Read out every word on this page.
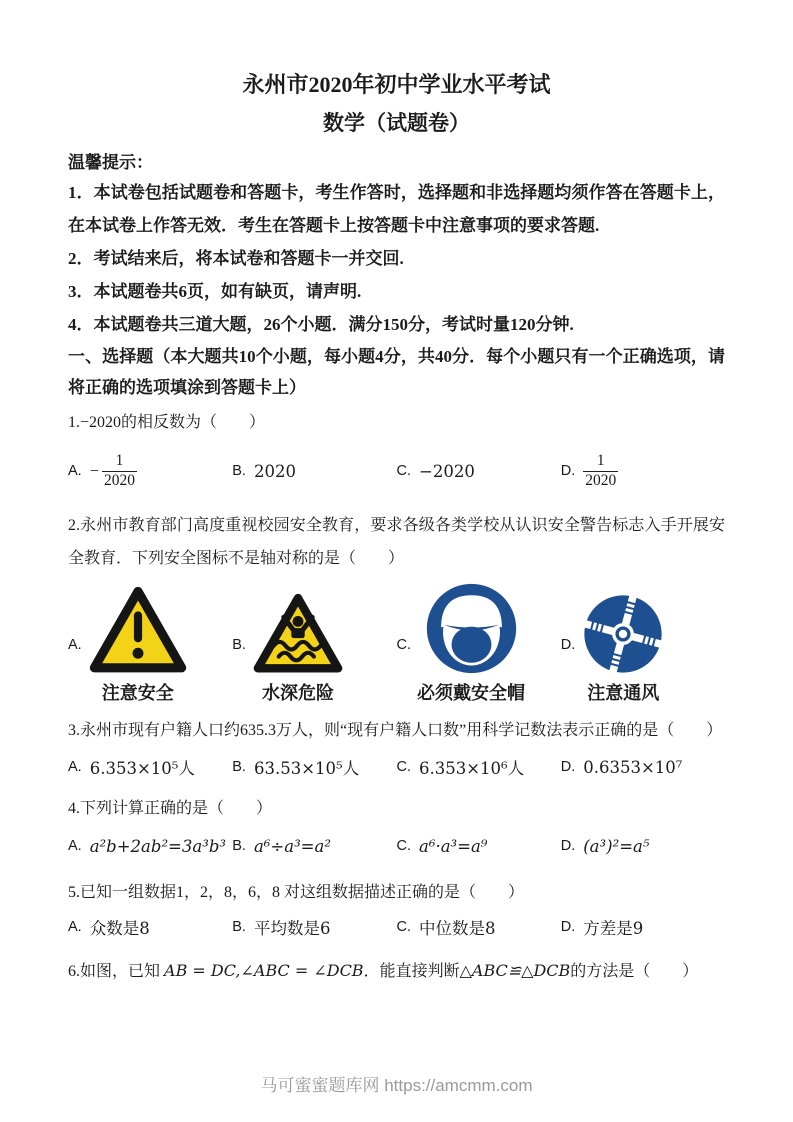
永州市2020年初中学业水平考试
数学（试题卷）

温馨提示：

1．本试卷包括试题卷和答题卡，考生作答时，选择题和非选择题均须作答在答题卡上，在本试卷上作答无效．考生在答题卡上按答题卡中注意事项的要求答题.

2．考试结来后，将本试卷和答题卡一并交回.

3．本试题卷共6页，如有缺页，请声明.

4．本试题卷共三道大题，26个小题．满分150分，考试时量120分钟.

一、选择题（本大题共10个小题，每小题4分，共40分．每个小题只有一个正确选项，请将正确的选项填涂到答题卡上）

1.−2020的相反数为（　　）

A. − $\frac{1}{2020}$	B. 2020	C. −2020	D. $\frac{1}{2020}$

2.永州市教育部门高度重视校园安全教育，要求各级各类学校从认识安全警告标志入手开展安全教育．下列安全图标不是轴对称的是（　　）

A.
注意安全
B.
水深危险
C.
必须戴安全帽
D.
注意通风

3.永州市现有户籍人口约635.3万人，则“现有户籍人口数”用科学记数法表示正确的是（　　）

A. 6.353×10⁵人	B. 63.53×10⁵人	C. 6.353×10⁶人	D. 0.6353×10⁷

4.下列计算正确的是（　　）

A. a²b+2ab²=3a³b³ B. a⁶÷a³=a²	C. a⁶·a³=a⁹	D. (a³)²=a⁵

5.已知一组数据1，2，8，6，8 对这组数据描述正确的是（　　）

A. 众数是8	B. 平均数是6	C. 中位数是8	D. 方差是9

6.如图，已知 AB = DC,∠ABC = ∠DCB．能直接判断△ABC≌△DCB的方法是（　　）

马可蜜蜜题库网 https://amcmm.com
